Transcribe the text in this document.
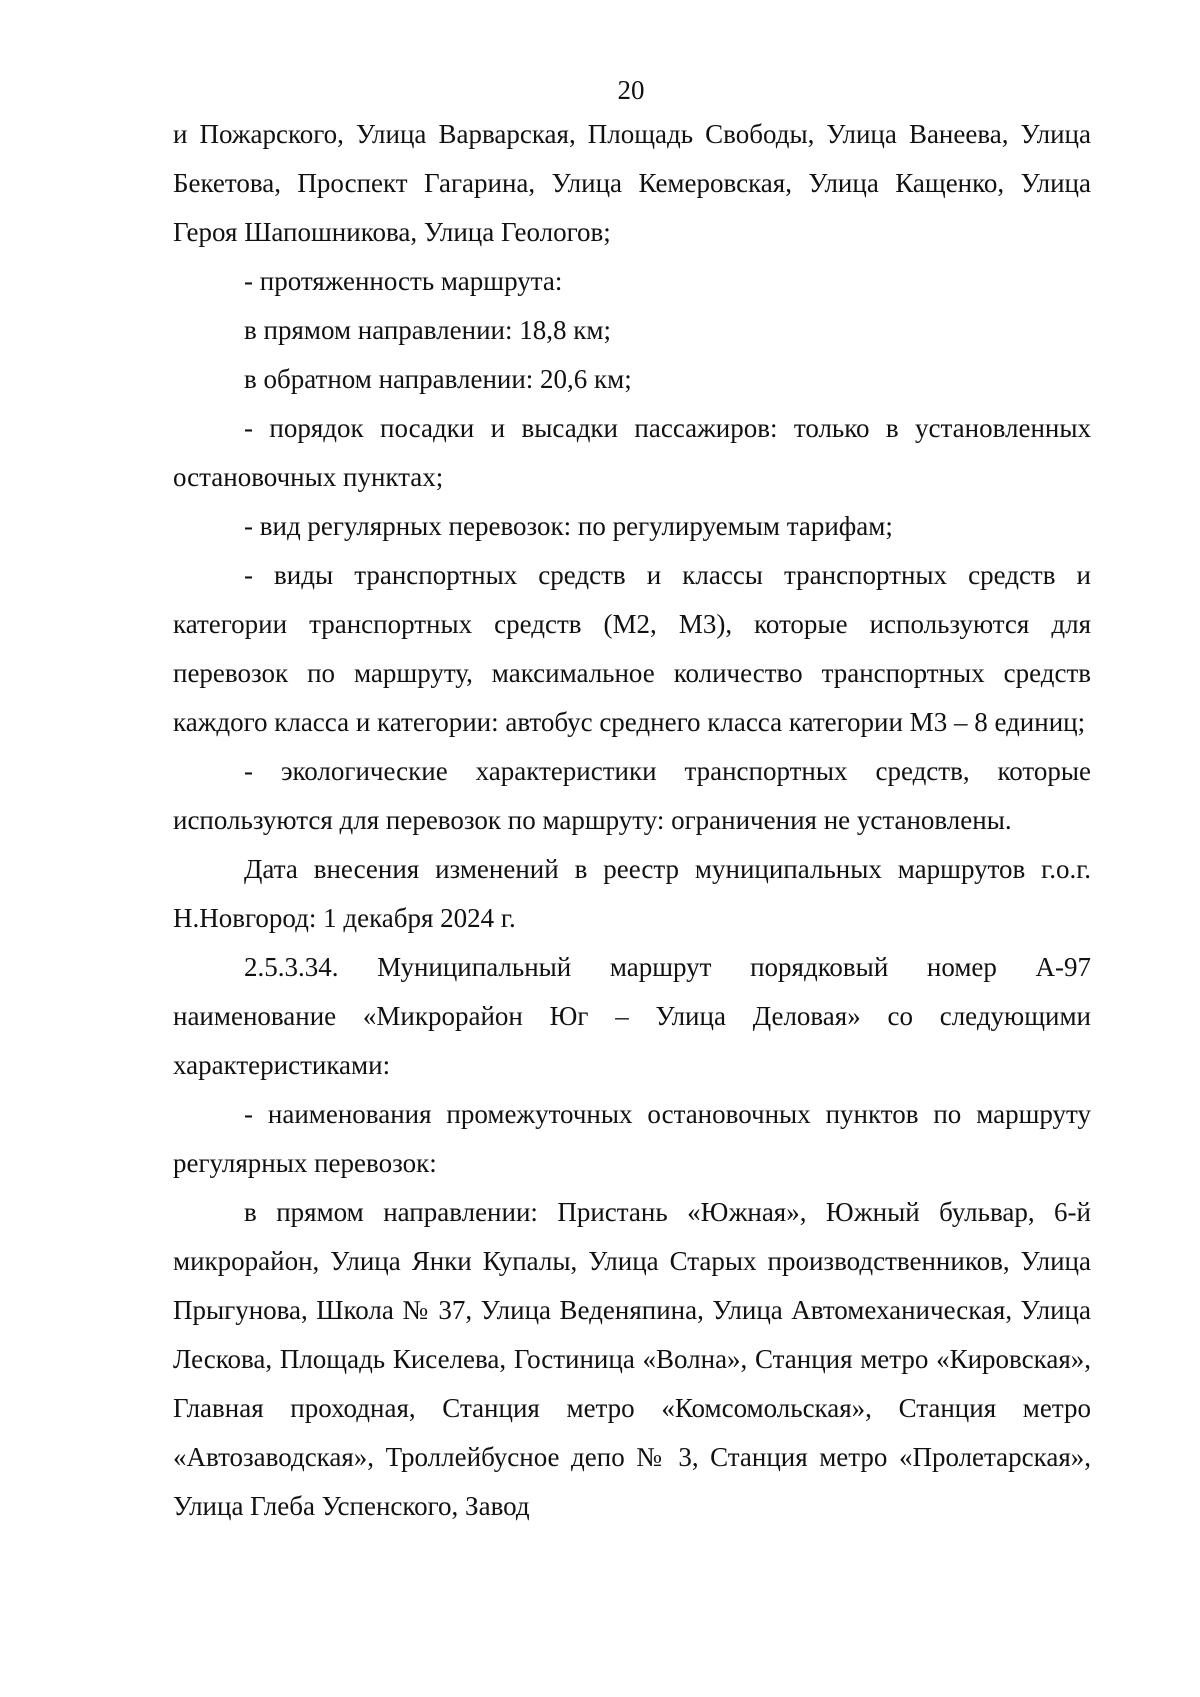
20

и Пожарского, Улица Варварская, Площадь Свободы, Улица Ванеева, Улица Бекетова, Проспект Гагарина, Улица Кемеровская, Улица Кащенко, Улица Героя Шапошникова, Улица Геологов;

- протяженность маршрута:

в прямом направлении: 18,8 км;

в обратном направлении: 20,6 км;

- порядок посадки и высадки пассажиров: только в установленных остановочных пунктах;

- вид регулярных перевозок: по регулируемым тарифам;

- виды транспортных средств и классы транспортных средств и категории транспортных средств (М2, М3), которые используются для перевозок по маршруту, максимальное количество транспортных средств каждого класса и категории: автобус среднего класса категории М3 – 8 единиц;

- экологические характеристики транспортных средств, которые используются для перевозок по маршруту: ограничения не установлены.

Дата внесения изменений в реестр муниципальных маршрутов г.о.г. Н.Новгород: 1 декабря 2024 г.

2.5.3.34. Муниципальный маршрут порядковый номер А-97 наименование «Микрорайон Юг – Улица Деловая» со следующими характеристиками:

- наименования промежуточных остановочных пунктов по маршруту регулярных перевозок:

в прямом направлении: Пристань «Южная», Южный бульвар, 6-й микрорайон, Улица Янки Купалы, Улица Старых производственников, Улица Прыгунова, Школа № 37, Улица Веденяпина, Улица Автомеханическая, Улица Лескова, Площадь Киселева, Гостиница «Волна», Станция метро «Кировская», Главная проходная, Станция метро «Комсомольская», Станция метро «Автозаводская», Троллейбусное депо № 3, Станция метро «Пролетарская», Улица Глеба Успенского, Завод
